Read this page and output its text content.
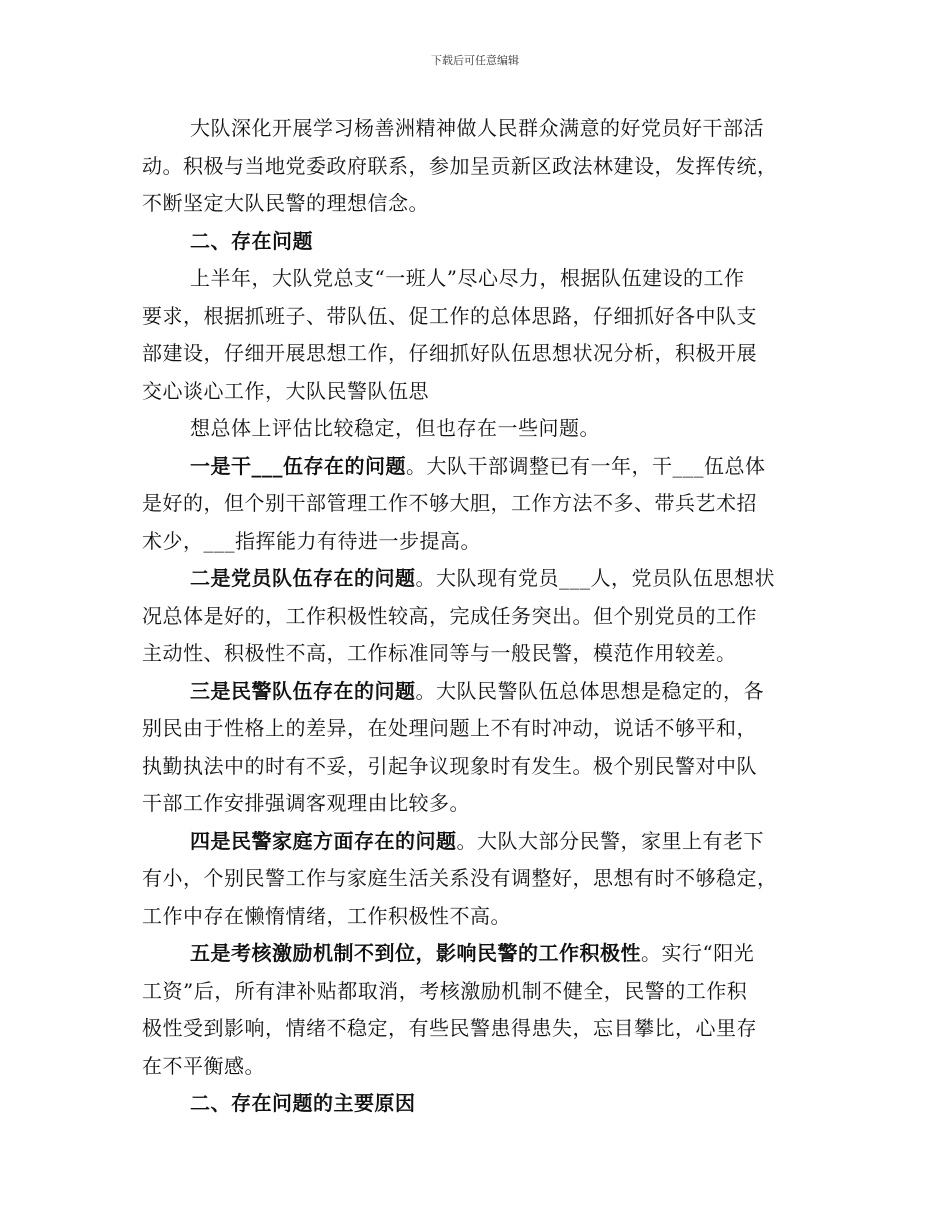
下载后可任意编辑

大队深化开展学习杨善洲精神做人民群众满意的好党员好干部活
动。积极与当地党委政府联系，参加呈贡新区政法林建设，发挥传统，
不断坚定大队民警的理想信念。

二、存在问题

上半年，大队党总支“一班人”尽心尽力，根据队伍建设的工作
要求，根据抓班子、带队伍、促工作的总体思路，仔细抓好各中队支
部建设，仔细开展思想工作，仔细抓好队伍思想状况分析，积极开展
交心谈心工作，大队民警队伍思

想总体上评估比较稳定，但也存在一些问题。

一是干___伍存在的问题。大队干部调整已有一年，干___伍总体
是好的，但个别干部管理工作不够大胆，工作方法不多、带兵艺术招
术少，___指挥能力有待进一步提高。

二是党员队伍存在的问题。大队现有党员___人，党员队伍思想状
况总体是好的，工作积极性较高，完成任务突出。但个别党员的工作
主动性、积极性不高，工作标准同等与一般民警，模范作用较差。

三是民警队伍存在的问题。大队民警队伍总体思想是稳定的，各
别民由于性格上的差异，在处理问题上不有时冲动，说话不够平和，
执勤执法中的时有不妥，引起争议现象时有发生。极个别民警对中队
干部工作安排强调客观理由比较多。

四是民警家庭方面存在的问题。大队大部分民警，家里上有老下
有小，个别民警工作与家庭生活关系没有调整好，思想有时不够稳定，
工作中存在懒惰情绪，工作积极性不高。

五是考核激励机制不到位，影响民警的工作积极性。实行“阳光
工资”后，所有津补贴都取消，考核激励机制不健全，民警的工作积
极性受到影响，情绪不稳定，有些民警患得患失，忘目攀比，心里存
在不平衡感。

二、存在问题的主要原因
